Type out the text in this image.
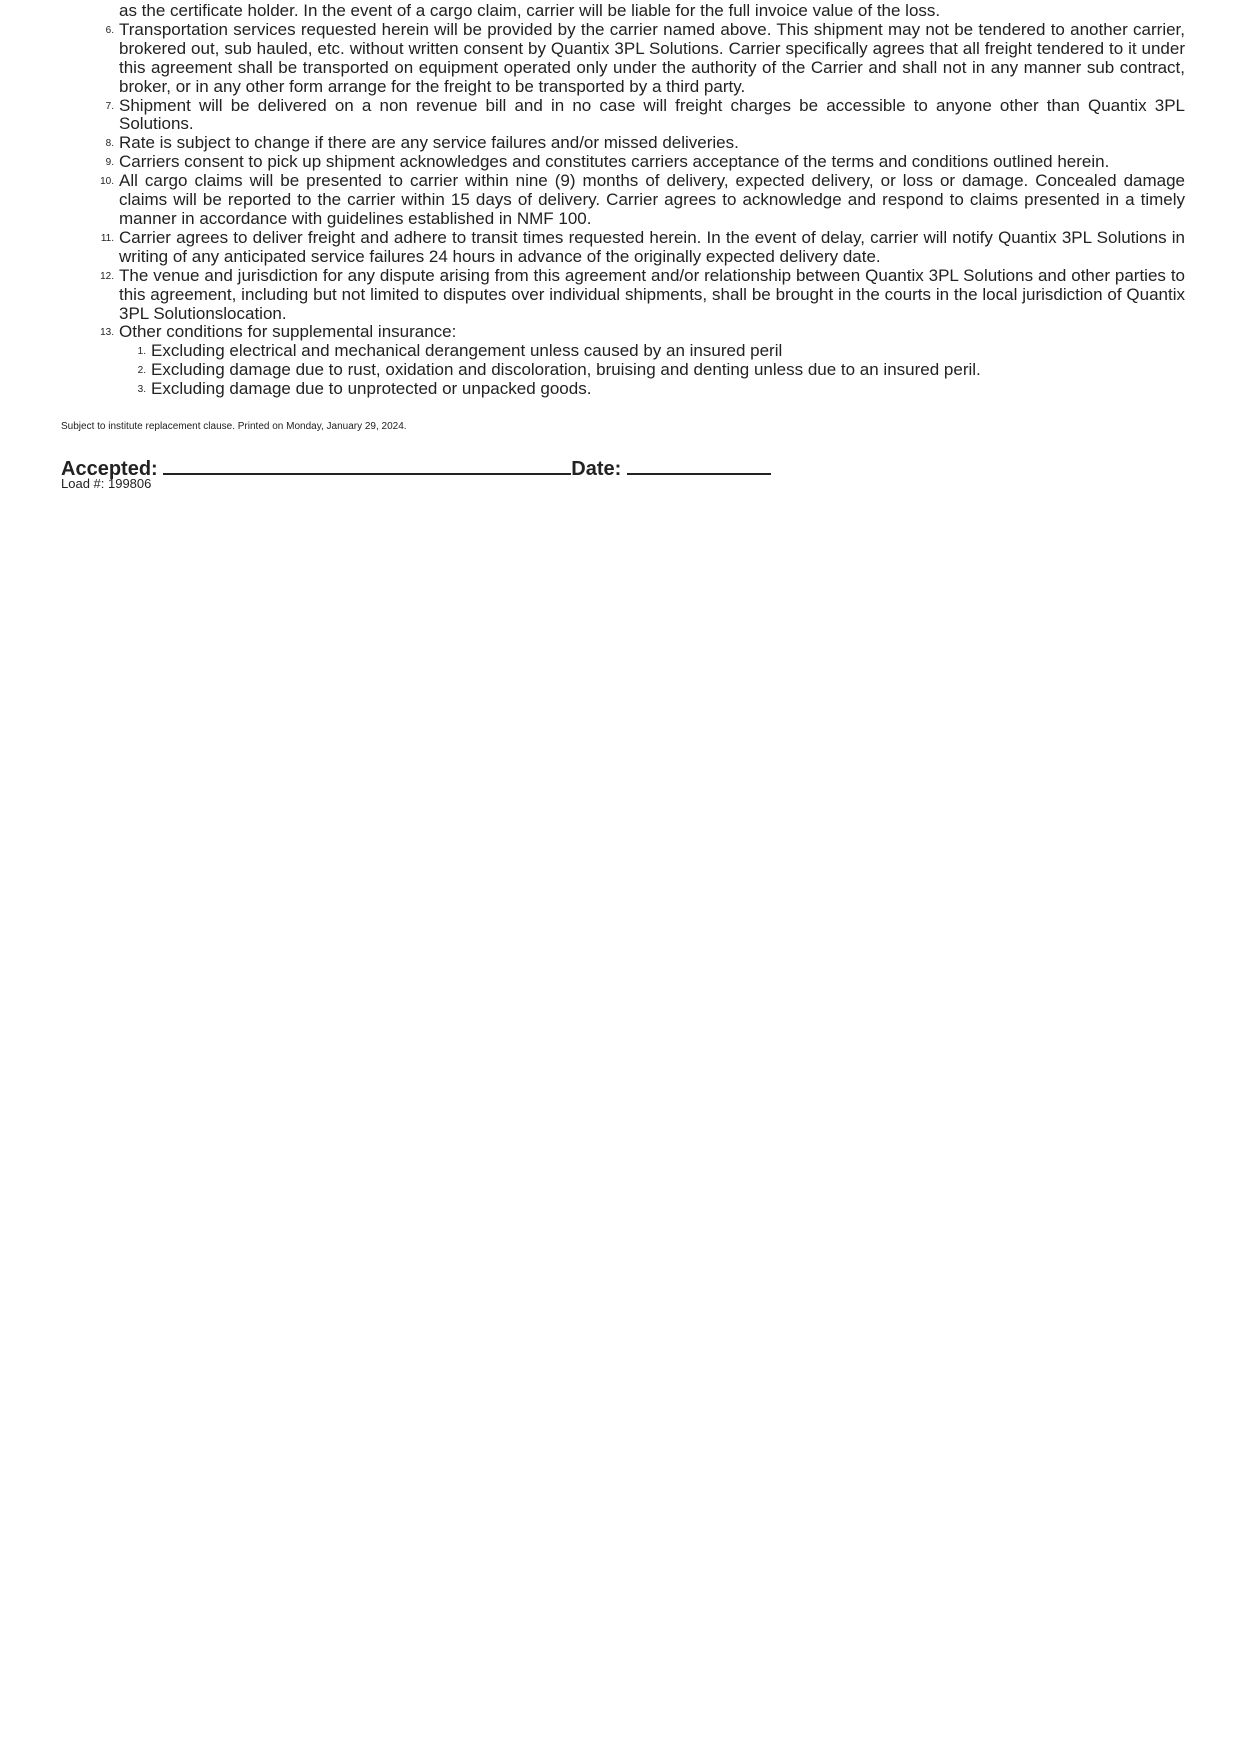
as the certificate holder. In the event of a cargo claim, carrier will be liable for the full invoice value of the loss.
6. Transportation services requested herein will be provided by the carrier named above. This shipment may not be tendered to another carrier, brokered out, sub hauled, etc. without written consent by Quantix 3PL Solutions. Carrier specifically agrees that all freight tendered to it under this agreement shall be transported on equipment operated only under the authority of the Carrier and shall not in any manner sub contract, broker, or in any other form arrange for the freight to be transported by a third party.
7. Shipment will be delivered on a non revenue bill and in no case will freight charges be accessible to anyone other than Quantix 3PL Solutions.
8. Rate is subject to change if there are any service failures and/or missed deliveries.
9. Carriers consent to pick up shipment acknowledges and constitutes carriers acceptance of the terms and conditions outlined herein.
10. All cargo claims will be presented to carrier within nine (9) months of delivery, expected delivery, or loss or damage. Concealed damage claims will be reported to the carrier within 15 days of delivery. Carrier agrees to acknowledge and respond to claims presented in a timely manner in accordance with guidelines established in NMF 100.
11. Carrier agrees to deliver freight and adhere to transit times requested herein. In the event of delay, carrier will notify Quantix 3PL Solutions in writing of any anticipated service failures 24 hours in advance of the originally expected delivery date.
12. The venue and jurisdiction for any dispute arising from this agreement and/or relationship between Quantix 3PL Solutions and other parties to this agreement, including but not limited to disputes over individual shipments, shall be brought in the courts in the local jurisdiction of Quantix 3PL Solutionslocation.
13. Other conditions for supplemental insurance:
1. Excluding electrical and mechanical derangement unless caused by an insured peril
2. Excluding damage due to rust, oxidation and discoloration, bruising and denting unless due to an insured peril.
3. Excluding damage due to unprotected or unpacked goods.
Subject to institute replacement clause. Printed on Monday, January 29, 2024.
Accepted:	Date:
Load #: 199806
